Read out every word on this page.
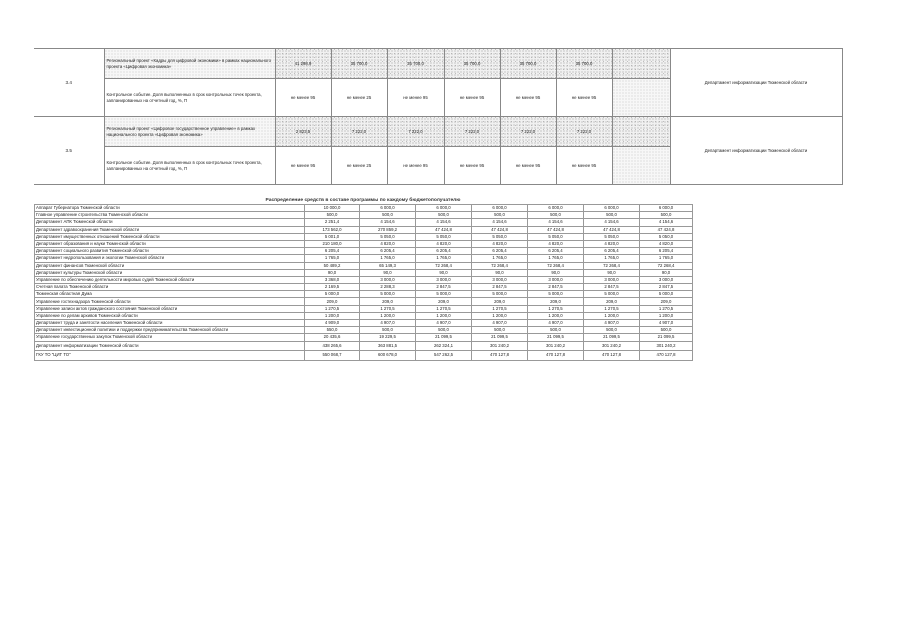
3.4	Региональный проект «Кадры для цифровой экономики» в рамках национального проекта «Цифровая экономика»	41 298,9	35 700,0	35 700,0	35 700,0	35 700,0	35 700,0		Департамент информатизации Тюменской области
	Контрольное событие. Доля выполненных в срок контрольных точек проекта, запланированных на отчетный год, %, П	не менее 95	не менее 25	не менее 95	не менее 95	не менее 95	не менее 95		
3.5	Региональный проект «Цифровое государственное управление» в рамках национального проекта «Цифровая экономика»	2 823,5	7 222,0	7 222,0	7 222,0	7 222,0	7 222,0		Департамент информатизации Тюменской области
	Контрольное событие. Доля выполненных в срок контрольных точек проекта, запланированных на отчетный год, %, П	не менее 95	не менее 25	не менее 95	не менее 95	не менее 95	не менее 95		
Распределение средств в составе программы по каждому бюджетополучателю
Аппарат Губернатора Тюменской области	10 000,0	6 000,0	6 000,0	6 000,0	6 000,0	6 000,0	6 000,0
Главное управление строительства Тюменской области	500,0	500,0	500,0	500,0	500,0	500,0	500,0
Департамент АПК Тюменской области	2 251,4	4 154,6	4 154,6	4 154,6	4 154,6	4 154,6	4 154,6
Департамент здравоохранения Тюменской области	173 562,0	270 859,2	47 424,8	47 424,8	47 424,8	47 424,8	47 424,8
Департамент имущественных отношений Тюменской области	5 001,0	5 050,0	5 050,0	5 050,0	5 050,0	5 050,0	5 050,0
Департамент образования и науки Тюменской области	210 180,0	4 820,0	4 820,0	4 820,0	4 820,0	4 820,0	4 820,0
Департамент социального развития Тюменской области	6 205,4	6 205,4	6 205,4	6 205,4	6 205,4	6 205,4	6 205,4
Департамент недропользования и экологии Тюменской области	1 765,0	1 765,0	1 765,0	1 765,0	1 765,0	1 765,0	1 765,0
Департамент финансов Тюменской области	50 489,2	65 149,3	72 268,4	72 268,4	72 268,4	72 268,4	72 268,4
Департамент культуры Тюменской области	90,0	90,0	90,0	90,0	90,0	90,0	90,0
Управление по обеспечению деятельности мировых судей Тюменской области	3 368,0	3 000,0	3 000,0	3 000,0	3 000,0	3 000,0	3 000,0
Счетная палата Тюменской области	2 169,5	2 288,3	2 847,5	2 847,5	2 847,5	2 847,5	2 847,5
Тюменская областная Дума	5 000,0	5 000,0	5 000,0	5 000,0	5 000,0	5 000,0	5 000,0
Управление гостехнадзора Тюменской области	209,0	209,0	209,0	209,0	209,0	209,0	209,0
Управление записи актов гражданского состояния Тюменской области	1 270,5	1 270,5	1 270,5	1 270,5	1 270,5	1 270,5	1 270,5
Управление по делам архивов Тюменской области	1 200,0	1 200,0	1 200,0	1 200,0	1 200,0	1 200,0	1 200,0
Департамент труда и занятости населения Тюменской области	4 909,0	4 907,0	4 907,0	4 907,0	4 907,0	4 907,0	4 907,0
Департамент инвестиционной политики и поддержки предпринимательства Тюменской области	550,0	500,0	500,0	500,0	500,0	500,0	500,0
Управление государственных закупок Тюменской области	20 435,6	19 229,5	21 099,5	21 099,5	21 099,5	21 099,5	21 099,5
Департамент информатизации Тюменской области	438 265,6	363 881,5	262 324,1	301 240,2	301 240,2	301 240,2	301 240,2
ГКУ ТО "ЦИТ ТО"	550 068,7	600 678,0	547 262,5	470 127,8	470 127,8	470 127,8	470 127,8
